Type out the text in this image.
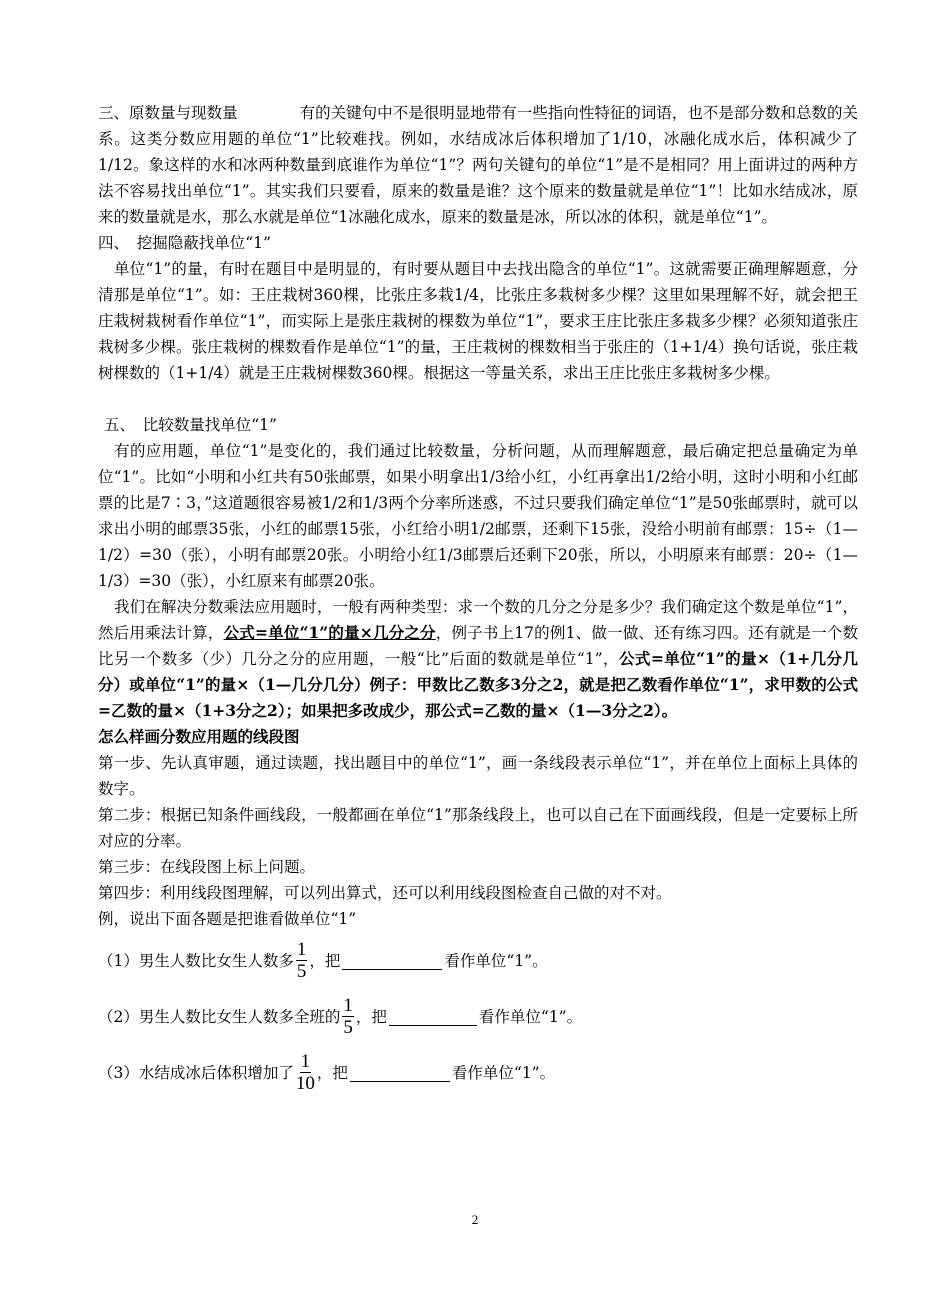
三、原数量与现数量　　　　有的关键句中不是很明显地带有一些指向性特征的词语，也不是部分数和总数的关系。这类分数应用题的单位“1”比较难找。例如，水结成冰后体积增加了1/10，冰融化成水后，体积减少了1/12。象这样的水和冰两种数量到底谁作为单位“1”？两句关键句的单位“1”是不是相同？用上面讲过的两种方法不容易找出单位“1”。其实我们只要看，原来的数量是谁？这个原来的数量就是单位“1”！比如水结成冰，原来的数量就是水，那么水就是单位“1冰融化成水，原来的数量是冰，所以冰的体积，就是单位“1”。

四、　挖掘隐蔽找单位“1”

单位“1”的量，有时在题目中是明显的，有时要从题目中去找出隐含的单位“1”。这就需要正确理解题意，分清那是单位“1”。如：王庄栽树360棵，比张庄多栽1/4，比张庄多栽树多少棵？这里如果理解不好，就会把王庄栽树栽树看作单位“1”，而实际上是张庄栽树的棵数为单位“1”，要求王庄比张庄多栽多少棵？必须知道张庄栽树多少棵。张庄栽树的棵数看作是单位“1”的量，王庄栽树的棵数相当于张庄的（1+1/4）换句话说，张庄栽树棵数的（1+1/4）就是王庄栽树棵数360棵。根据这一等量关系，求出王庄比张庄多栽树多少棵。

五、　比较数量找单位“1”

有的应用题，单位“1”是变化的，我们通过比较数量，分析问题，从而理解题意，最后确定把总量确定为单位“1”。比如“小明和小红共有50张邮票，如果小明拿出1/3给小红，小红再拿出1/2给小明，这时小明和小红邮票的比是7∶3，”这道题很容易被1/2和1/3两个分率所迷惑，不过只要我们确定单位“1”是50张邮票时，就可以求出小明的邮票35张，小红的邮票15张，小红给小明1/2邮票，还剩下15张，没给小明前有邮票：15÷（1—1/2）=30（张），小明有邮票20张。小明给小红1/3邮票后还剩下20张，所以，小明原来有邮票：20÷（1—1/3）=30（张），小红原来有邮票20张。

我们在解决分数乘法应用题时，一般有两种类型：求一个数的几分之分是多少？我们确定这个数是单位“1”，然后用乘法计算，公式=单位“1”的量×几分之分，例子书上17的例1、做一做、还有练习四。还有就是一个数比另一个数多（少）几分之分的应用题，一般“比”后面的数就是单位“1”，公式=单位“1”的量×（1+几分几分）或单位“1”的量×（1—几分几分）例子：甲数比乙数多3分之2，就是把乙数看作单位“1”，求甲数的公式=乙数的量×（1+3分之2）；如果把多改成少，那公式=乙数的量×（1—3分之2）。

怎么样画分数应用题的线段图

第一步、先认真审题，通过读题，找出题目中的单位“1”，画一条线段表示单位“1”，并在单位上面标上具体的数字。

第二步：根据已知条件画线段，一般都画在单位“1”那条线段上，也可以自己在下面画线段，但是一定要标上所对应的分率。

第三步：在线段图上标上问题。

第四步：利用线段图理解，可以列出算式，还可以利用线段图检查自己做的对不对。

例，说出下面各题是把谁看做单位“1”

（1）男生人数比女生人数多 $\frac{1}{5}$ ，把	看作单位“1”。
（2）男生人数比女生人数多全班的 $\frac{1}{5}$ ，把	看作单位“1”。
（3）水结成冰后体积增加了 $\frac{1}{10}$ ，把	看作单位“1”。
2
